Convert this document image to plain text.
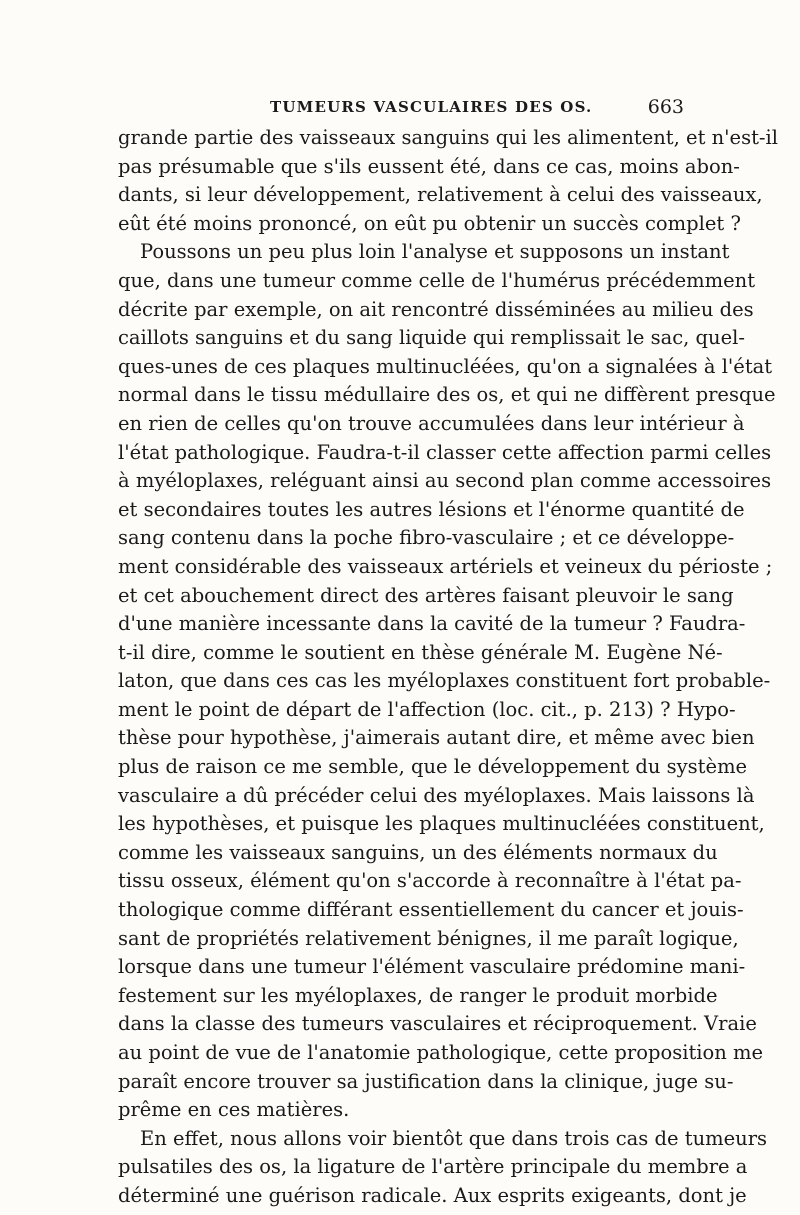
TUMEURS VASCULAIRES DES OS.	663
grande partie des vaisseaux sanguins qui les alimentent, et n'est-il
pas présumable que s'ils eussent été, dans ce cas, moins abon-
dants, si leur développement, relativement à celui des vaisseaux,
eût été moins prononcé, on eût pu obtenir un succès complet ?
Poussons un peu plus loin l'analyse et supposons un instant
que, dans une tumeur comme celle de l'humérus précédemment
décrite par exemple, on ait rencontré disséminées au milieu des
caillots sanguins et du sang liquide qui remplissait le sac, quel-
ques-unes de ces plaques multinucléées, qu'on a signalées à l'état
normal dans le tissu médullaire des os, et qui ne diffèrent presque
en rien de celles qu'on trouve accumulées dans leur intérieur à
l'état pathologique. Faudra-t-il classer cette affection parmi celles
à myéloplaxes, reléguant ainsi au second plan comme accessoires
et secondaires toutes les autres lésions et l'énorme quantité de
sang contenu dans la poche fibro-vasculaire ; et ce développe-
ment considérable des vaisseaux artériels et veineux du périoste ;
et cet abouchement direct des artères faisant pleuvoir le sang
d'une manière incessante dans la cavité de la tumeur ? Faudra-
t-il dire, comme le soutient en thèse générale M. Eugène Né-
laton, que dans ces cas les myéloplaxes constituent fort probable-
ment le point de départ de l'affection (loc. cit., p. 213) ? Hypo-
thèse pour hypothèse, j'aimerais autant dire, et même avec bien
plus de raison ce me semble, que le développement du système
vasculaire a dû précéder celui des myéloplaxes. Mais laissons là
les hypothèses, et puisque les plaques multinucléées constituent,
comme les vaisseaux sanguins, un des éléments normaux du
tissu osseux, élément qu'on s'accorde à reconnaître à l'état pa-
thologique comme différant essentiellement du cancer et jouis-
sant de propriétés relativement bénignes, il me paraît logique,
lorsque dans une tumeur l'élément vasculaire prédomine mani-
festement sur les myéloplaxes, de ranger le produit morbide
dans la classe des tumeurs vasculaires et réciproquement. Vraie
au point de vue de l'anatomie pathologique, cette proposition me
paraît encore trouver sa justification dans la clinique, juge su-
prême en ces matières.
En effet, nous allons voir bientôt que dans trois cas de tumeurs
pulsatiles des os, la ligature de l'artère principale du membre a
déterminé une guérison radicale. Aux esprits exigeants, dont je
